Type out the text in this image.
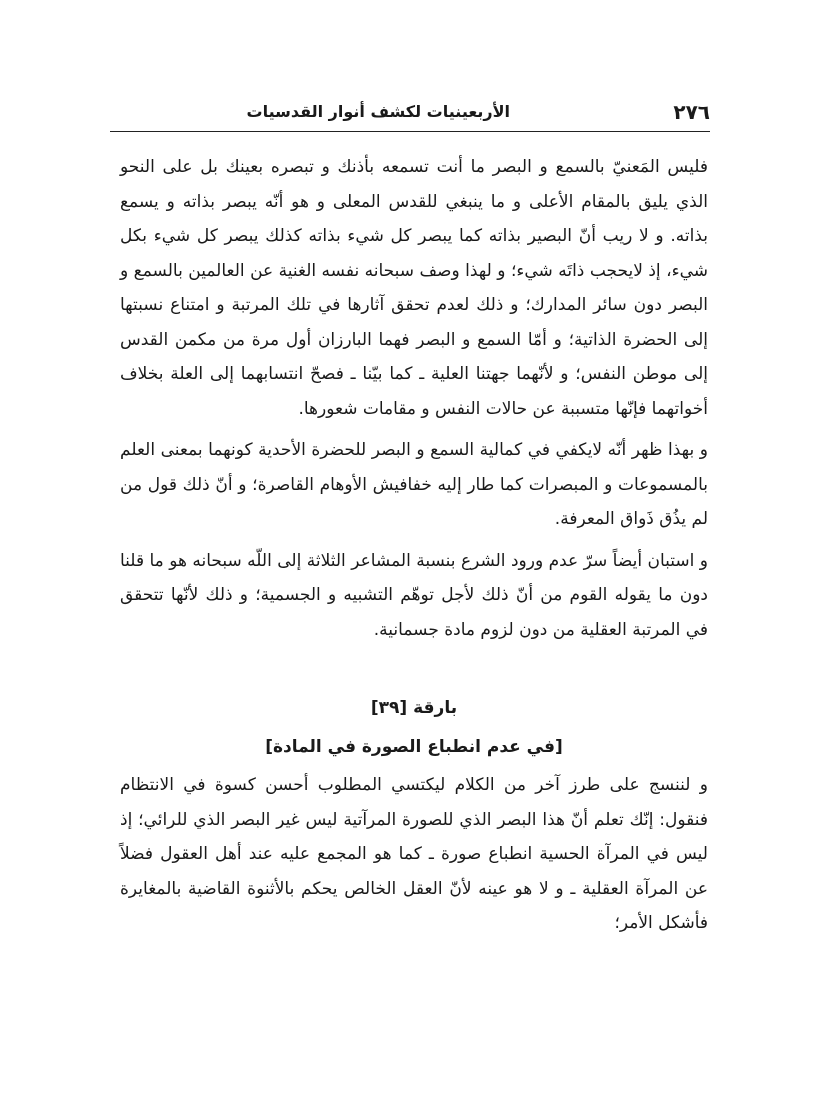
٢٧٦
الأربعينيات لكشف أنوار القدسيات

فليس المَعنيّ بالسمع و البصر ما أنت تسمعه بأذنك و تبصره بعينك بل على النحو الذي يليق بالمقام الأعلى و ما ينبغي للقدس المعلى و هو أنّه يبصر بذاته و يسمع بذاته. و لا ريب أنّ البصير بذاته كما يبصر كل شيء بذاته كذلك يبصر كل شيء بكل شيء، إذ لايحجب ذاتَه شيء؛ و لهذا وصف سبحانه نفسه الغنية عن العالمين بالسمع و البصر دون سائر المدارك؛ و ذلك لعدم تحقق آثارها في تلك المرتبة و امتناع نسبتها إلى الحضرة الذاتية؛ و أمّا السمع و البصر فهما البارزان أول مرة من مكمن القدس إلى موطن النفس؛ و لأنّهما جهتنا العلية ـ كما بيّنا ـ فصحّ انتسابهما إلى العلة بخلاف أخواتهما فإنّها متسببة عن حالات النفس و مقامات شعورها.

و بهذا ظهر أنّه لايكفي في كمالية السمع و البصر للحضرة الأحدية كونهما بمعنى العلم بالمسموعات و المبصرات كما طار إليه خفافيش الأوهام القاصرة؛ و أنّ ذلك قول من لم يذُق ذَواق المعرفة.

و استبان أيضاً سرّ عدم ورود الشرع بنسبة المشاعر الثلاثة إلى اللّه سبحانه هو ما قلنا دون ما يقوله القوم من أنّ ذلك لأجل توهّم التشبيه و الجسمية؛ و ذلك لأنّها تتحقق في المرتبة العقلية من دون لزوم مادة جسمانية.

بارقة [٣٩]

[في عدم انطباع الصورة في المادة]

و لننسج على طرز آخر من الكلام ليكتسي المطلوب أحسن كسوة في الانتظام فنقول: إنّك تعلم أنّ هذا البصر الذي للصورة المرآتية ليس غير البصر الذي للرائي؛ إذ ليس في المرآة الحسية انطباع صورة ـ كما هو المجمع عليه عند أهل العقول فضلاً عن المرآة العقلية ـ و لا هو عينه لأنّ العقل الخالص يحكم بالأثنوة القاضية بالمغايرة فأشكل الأمر؛
